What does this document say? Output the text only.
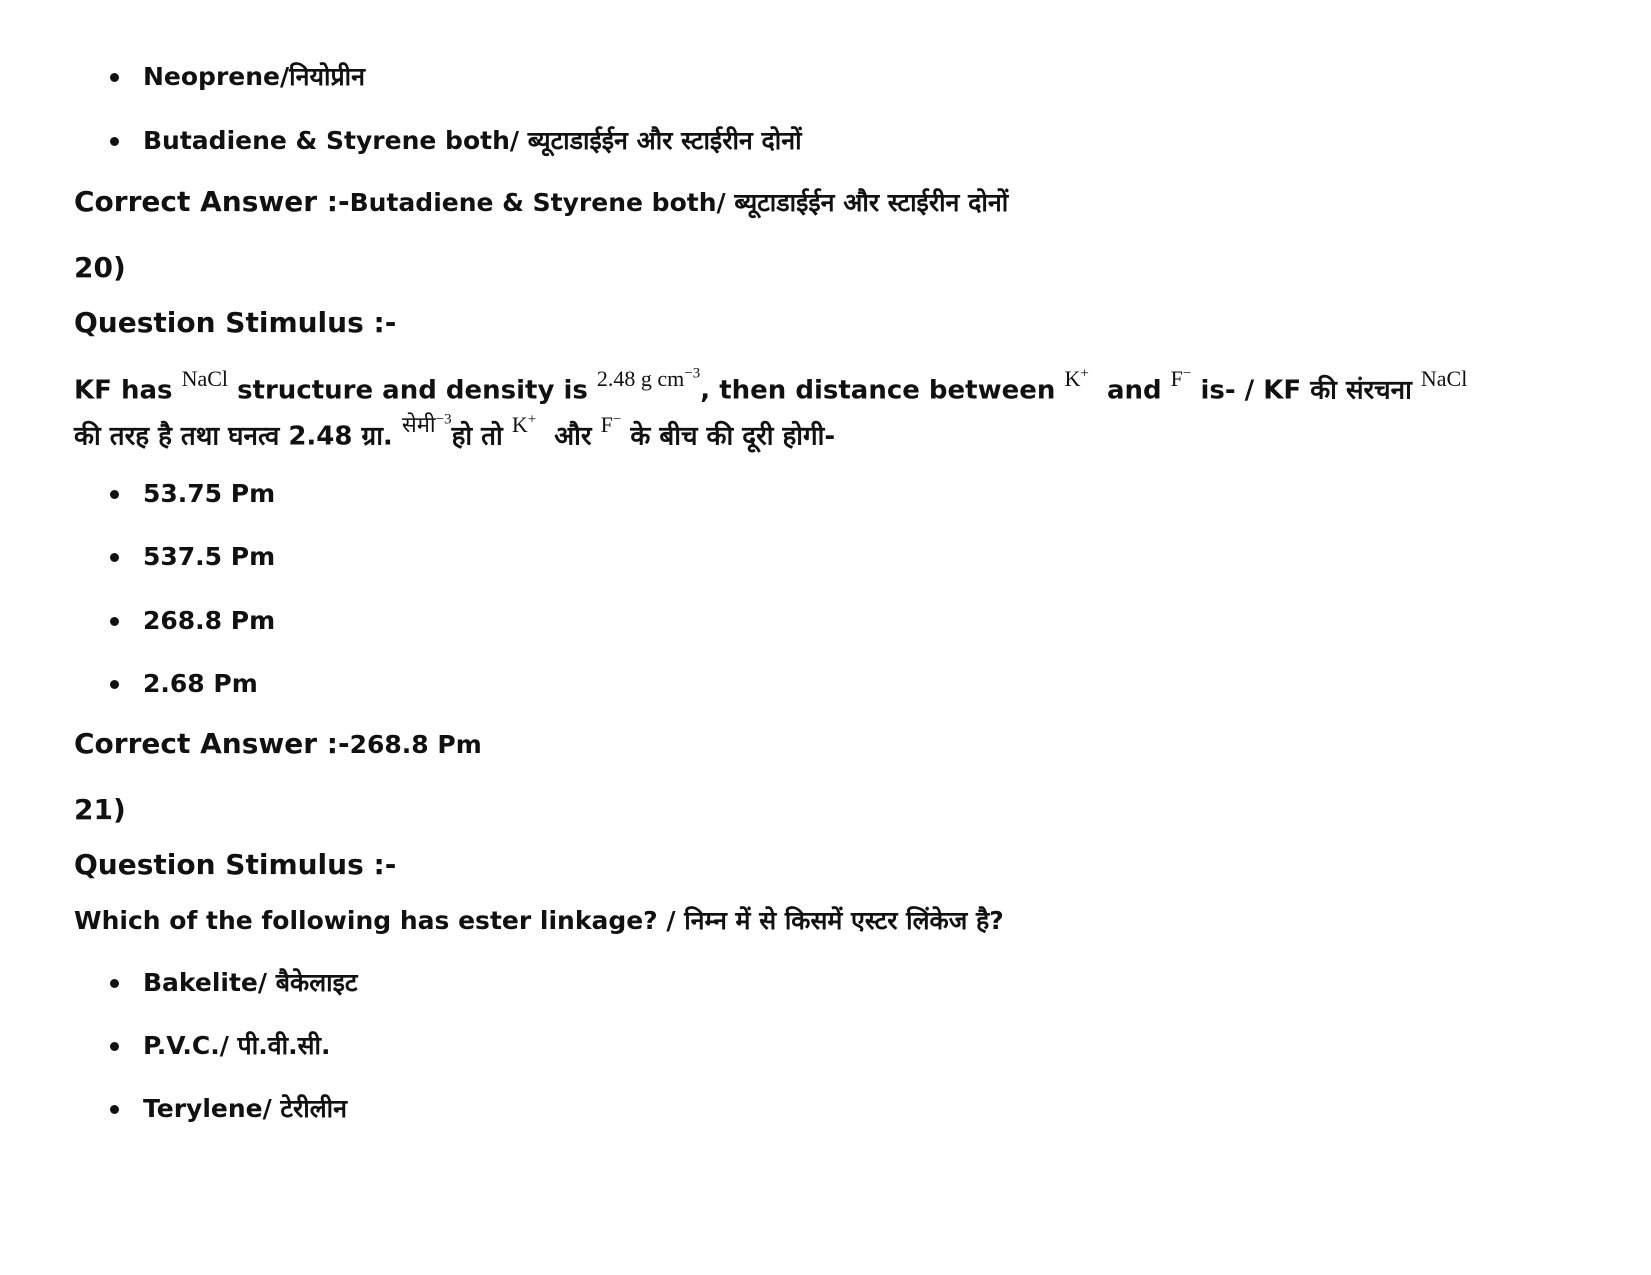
Neoprene/नियोप्रीन
Butadiene & Styrene both/ ब्यूटाडाईईन और स्टाईरीन दोनों
Correct Answer :-Butadiene & Styrene both/ ब्यूटाडाईईन और स्टाईरीन दोनों
20)
Question Stimulus :-
KF has $^{NaCl}$ structure and density is $^{2.48 g cm^{-3}}$, then distance between $^{K^+}$  and $^{F^-}$ is- / KF की संरचना $^{NaCl}$
की तरह है तथा घनत्व 2.48 ग्रा. $^{सेमी^{-3}}$हो तो $^{K^+}$  और $^{F^-}$ के बीच की दूरी होगी-
53.75 Pm
537.5 Pm
268.8 Pm
2.68 Pm
Correct Answer :-268.8 Pm
21)
Question Stimulus :-
Which of the following has ester linkage? / निम्न में से किसमें एस्टर लिंकेज है?
Bakelite/ बैकेलाइट
P.V.C./ पी.वी.सी.
Terylene/ टेरीलीन
